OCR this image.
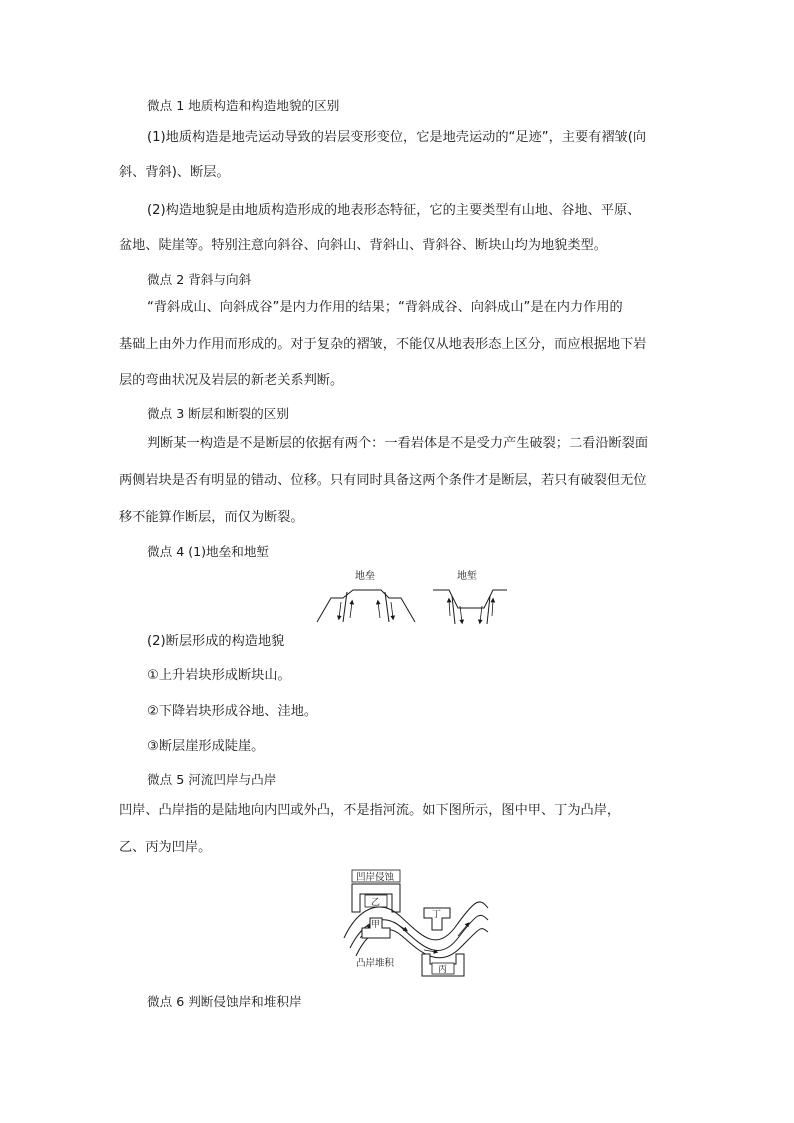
微点 1 地质构造和构造地貌的区别
(1)地质构造是地壳运动导致的岩层变形变位，它是地壳运动的“足迹”，主要有褶皱(向
斜、背斜)、断层。
(2)构造地貌是由地质构造形成的地表形态特征，它的主要类型有山地、谷地、平原、
盆地、陡崖等。特别注意向斜谷、向斜山、背斜山、背斜谷、断块山均为地貌类型。
微点 2 背斜与向斜
“背斜成山、向斜成谷”是内力作用的结果；“背斜成谷、向斜成山”是在内力作用的
基础上由外力作用而形成的。对于复杂的褶皱，不能仅从地表形态上区分，而应根据地下岩
层的弯曲状况及岩层的新老关系判断。
微点 3 断层和断裂的区别
判断某一构造是不是断层的依据有两个：一看岩体是不是受力产生破裂；二看沿断裂面
两侧岩块是否有明显的错动、位移。只有同时具备这两个条件才是断层，若只有破裂但无位
移不能算作断层，而仅为断裂。
微点 4 (1)地垒和地堑
地垒	地堑
(2)断层形成的构造地貌
①上升岩块形成断块山。
②下降岩块形成谷地、洼地。
③断层崖形成陡崖。
微点 5 河流凹岸与凸岸
凹岸、凸岸指的是陆地向内凹或外凸，不是指河流。如下图所示，图中甲、丁为凸岸，
乙、丙为凹岸。
凹岸侵蚀
乙
甲
丁
凸岸堆积
丙
微点 6 判断侵蚀岸和堆积岸
